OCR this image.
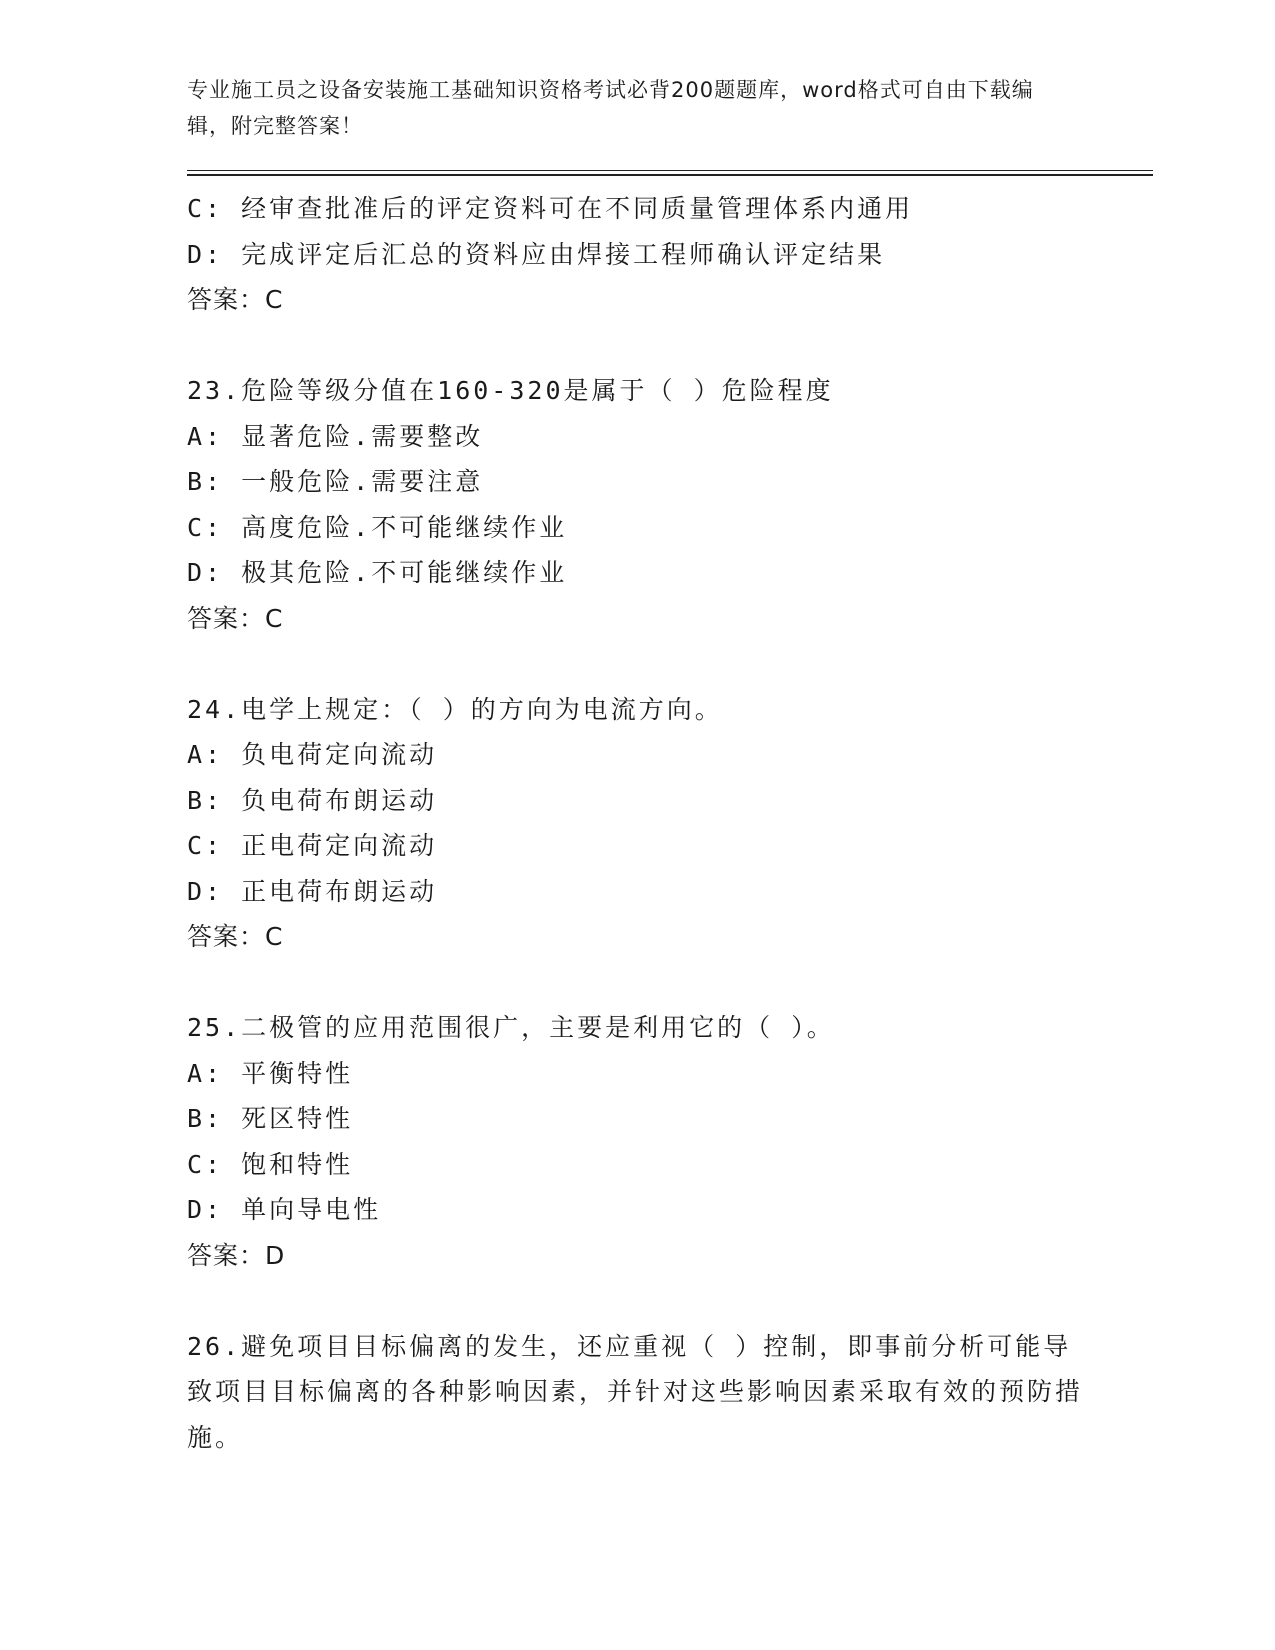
专业施工员之设备安装施工基础知识资格考试必背200题题库，word格式可自由下载编辑，附完整答案！
C: 经审查批准后的评定资料可在不同质量管理体系内通用
D: 完成评定后汇总的资料应由焊接工程师确认评定结果
答案：C
23.危险等级分值在160-320是属于（ ）危险程度
A: 显著危险.需要整改
B: 一般危险.需要注意
C: 高度危险.不可能继续作业
D: 极其危险.不可能继续作业
答案：C
24.电学上规定：（ ）的方向为电流方向。
A: 负电荷定向流动
B: 负电荷布朗运动
C: 正电荷定向流动
D: 正电荷布朗运动
答案：C
25.二极管的应用范围很广，主要是利用它的（ ）。
A: 平衡特性
B: 死区特性
C: 饱和特性
D: 单向导电性
答案：D
26.避免项目目标偏离的发生，还应重视（ ）控制，即事前分析可能导致项目目标偏离的各种影响因素，并针对这些影响因素采取有效的预防措施。
